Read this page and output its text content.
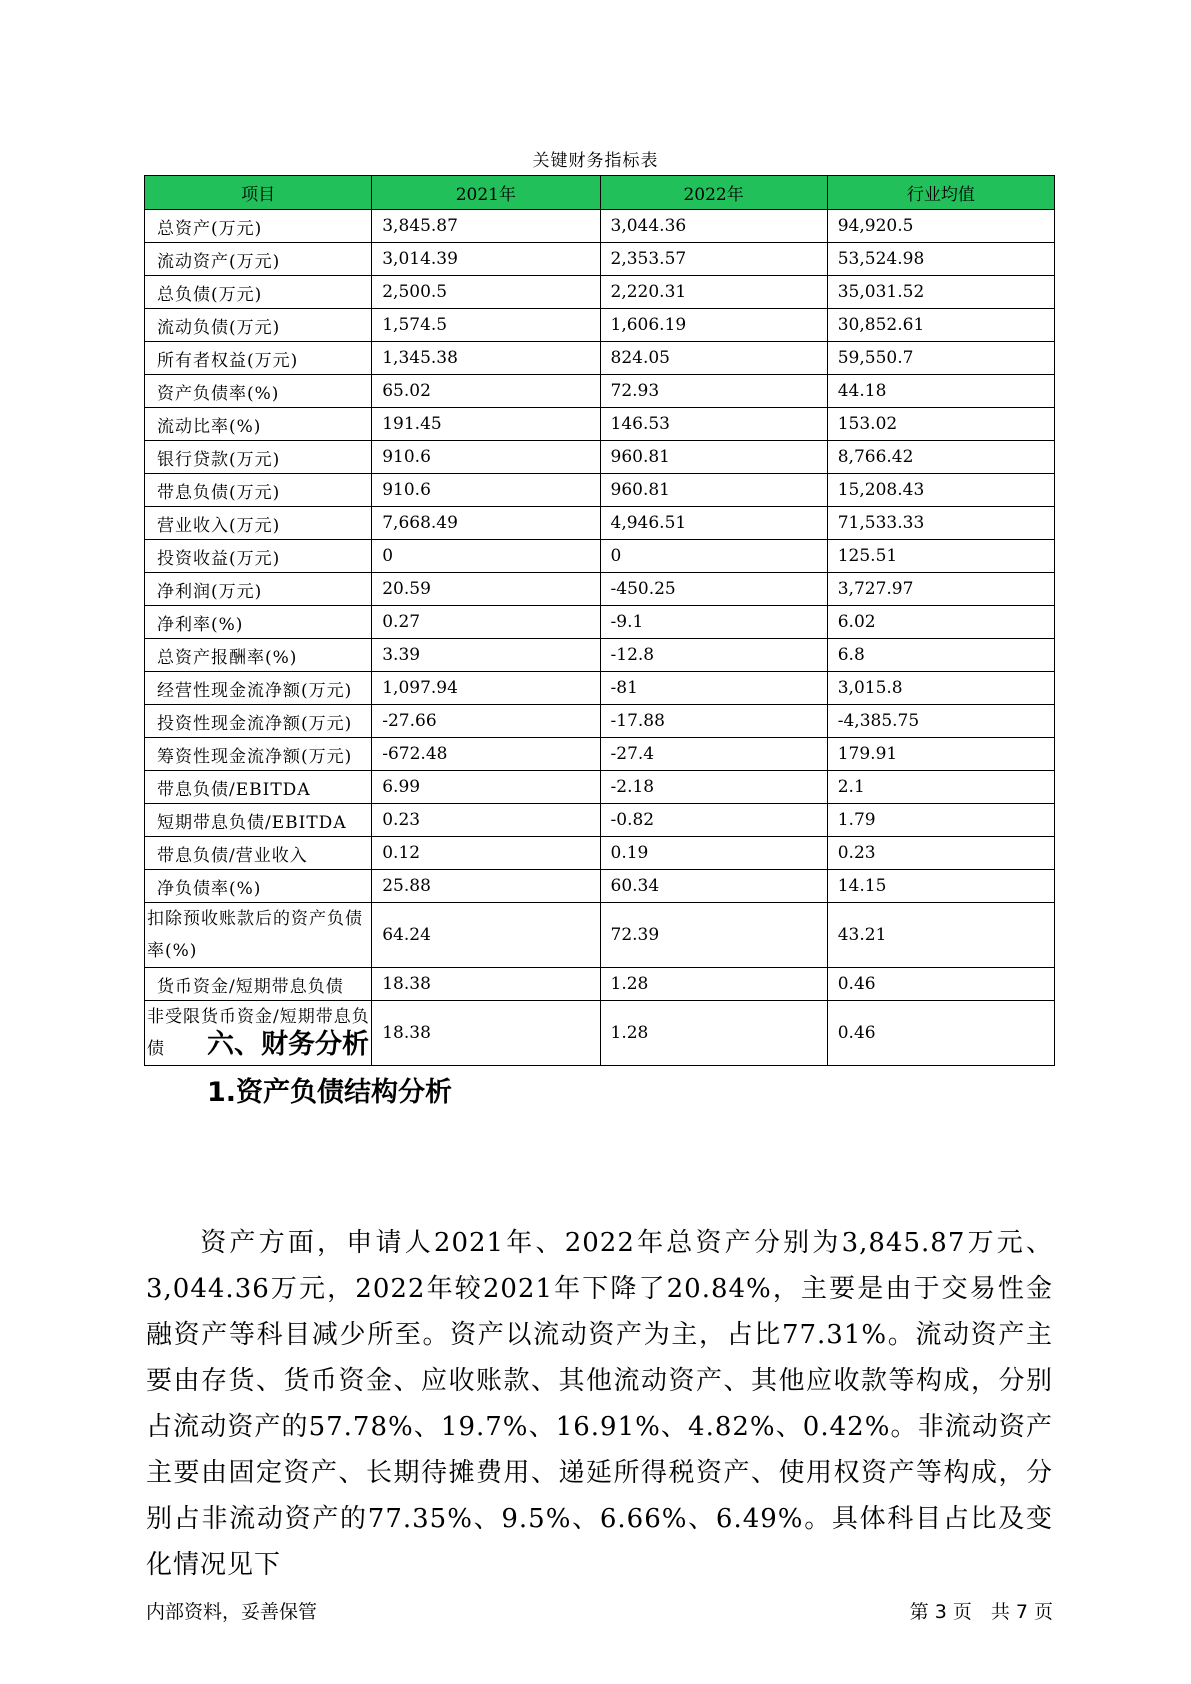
关键财务指标表
项目	2021年	2022年	行业均值
总资产(万元)	3,845.87	3,044.36	94,920.5
流动资产(万元)	3,014.39	2,353.57	53,524.98
总负债(万元)	2,500.5	2,220.31	35,031.52
流动负债(万元)	1,574.5	1,606.19	30,852.61
所有者权益(万元)	1,345.38	824.05	59,550.7
资产负债率(%)	65.02	72.93	44.18
流动比率(%)	191.45	146.53	153.02
银行贷款(万元)	910.6	960.81	8,766.42
带息负债(万元)	910.6	960.81	15,208.43
营业收入(万元)	7,668.49	4,946.51	71,533.33
投资收益(万元)	0	0	125.51
净利润(万元)	20.59	-450.25	3,727.97
净利率(%)	0.27	-9.1	6.02
总资产报酬率(%)	3.39	-12.8	6.8
经营性现金流净额(万元)	1,097.94	-81	3,015.8
投资性现金流净额(万元)	-27.66	-17.88	-4,385.75
筹资性现金流净额(万元)	-672.48	-27.4	179.91
带息负债/EBITDA	6.99	-2.18	2.1
短期带息负债/EBITDA	0.23	-0.82	1.79
带息负债/营业收入	0.12	0.19	0.23
净负债率(%)	25.88	60.34	14.15
扣除预收账款后的资产负债率(%)	64.24	72.39	43.21
货币资金/短期带息负债	18.38	1.28	0.46
非受限货币资金/短期带息负债	18.38	1.28	0.46
六、财务分析
1.资产负债结构分析
资产方面，申请人2021年、2022年总资产分别为3,845.87万元、3,044.36万元，2022年较2021年下降了20.84%，主要是由于交易性金融资产等科目减少所至。资产以流动资产为主，占比77.31%。流动资产主要由存货、货币资金、应收账款、其他流动资产、其他应收款等构成，分别占流动资产的57.78%、19.7%、16.91%、4.82%、0.42%。非流动资产主要由固定资产、长期待摊费用、递延所得税资产、使用权资产等构成，分别占非流动资产的77.35%、9.5%、6.66%、6.49%。具体科目占比及变化情况见下
内部资料，妥善保管	第 3 页　共 7 页
